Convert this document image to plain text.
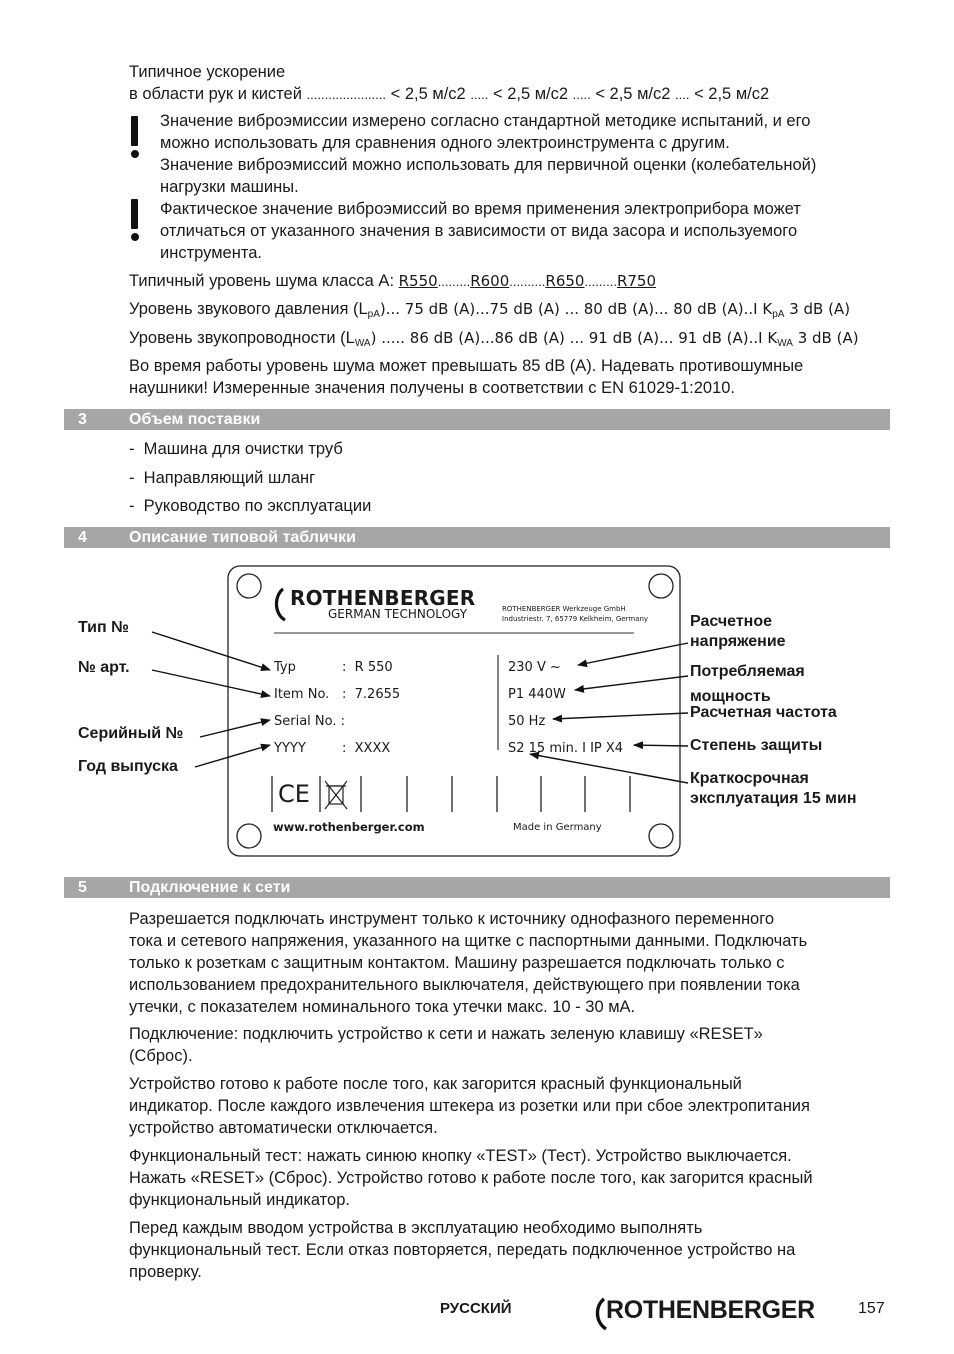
Типичное ускорение
в области рук и кистей ...................... < 2,5 м/с2 ..... < 2,5 м/с2 ..... < 2,5 м/с2 .... < 2,5 м/с2
Значение виброэмиссии измерено согласно стандартной методике испытаний, и его
можно использовать для сравнения одного электроинструмента с другим.
Значение виброэмиссий можно использовать для первичной оценки (колебательной)
нагрузки машины.
Фактическое значение виброэмиссий во время применения электроприбора может
отличаться от указанного значения в зависимости от вида засора и используемого
инструмента.
Типичный уровень шума класса А: R550.........R600..........R650.........R750
Уровень звукового давления $(L_{pA})$... 75 dB (A)...75 dB (A) ... 80 dB (A)... 80 dB (A)..I $K_{pA}$ 3 dB (A)
Уровень звукопроводности $(L_{WA})$ ..... 86 dB (A)...86 dB (A) ... 91 dB (A)... 91 dB (A)..I $K_{WA}$ 3 dB (A)
Во время работы уровень шума может превышать 85 dB (A). Надевать противошумные
наушники! Измеренные значения получены в соответствии с EN 61029-1:2010.
3	Объем поставки
-  Машина для очистки труб
-  Направляющий шланг
-  Руководство по эксплуатации
4	Описание типовой таблички
ROTHENBERGER
GERMAN TECHNOLOGY	ROTHENBERGER Werkzeuge GmbH
Industriestr. 7, 65779 Kelkheim, Germany
Typ	: R 550
Item No. : 7.2655
Serial No. :
YYYY	: XXXX
230 V ~
P1 440W
50 Hz
S2 15 min. I IP X4
CE
www.rothenberger.com	Made in Germany
Тип №
№ арт.
Серийный №
Год выпуска
Расчетное
напряжение
Потребляемая
мощность
Расчетная частота
Степень защиты
Краткосрочная
эксплуатация 15 мин
5	Подключение к сети
Разрешается подключать инструмент только к источнику однофазного переменного
тока и сетевого напряжения, указанного на щитке с паспортными данными. Подключать
только к розеткам с защитным контактом. Машину разрешается подключать только с
использованием предохранительного выключателя, действующего при появлении тока
утечки, с показателем номинального тока утечки макс. 10 - 30 мА.
Подключение: подключить устройство к сети и нажать зеленую клавишу «RESET»
(Сброс).
Устройство готово к работе после того, как загорится красный функциональный
индикатор. После каждого извлечения штекера из розетки или при сбое электропитания
устройство автоматически отключается.
Функциональный тест: нажать синюю кнопку «TEST» (Тест). Устройство выключается.
Нажать «RESET» (Сброс). Устройство готово к работе после того, как загорится красный
функциональный индикатор.
Перед каждым вводом устройства в эксплуатацию необходимо выполнять
функциональный тест. Если отказ повторяется, передать подключенное устройство на
проверку.
РУССКИЙ	ROTHENBERGER	157
